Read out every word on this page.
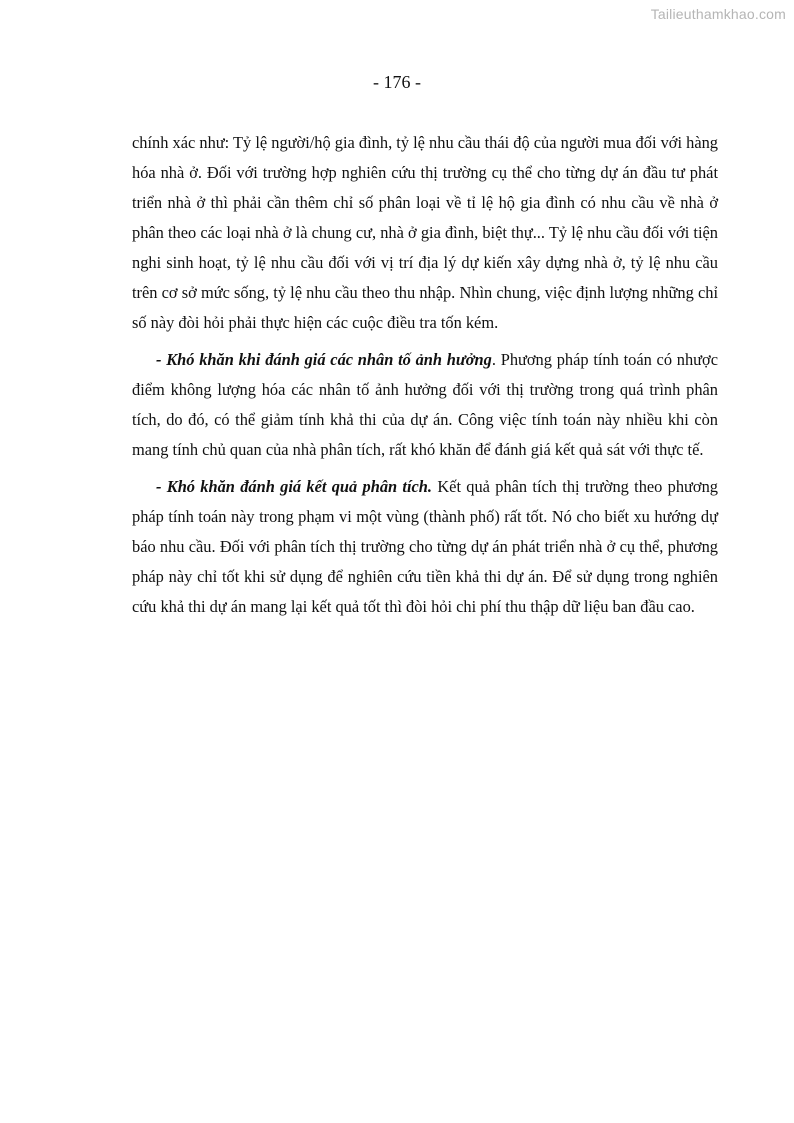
Tailieuthamkhao.com
- 176 -

chính xác như: Tỷ lệ người/hộ gia đình, tỷ lệ nhu cầu thái độ của người mua đối với hàng hóa nhà ở. Đối với trường hợp nghiên cứu thị trường cụ thể cho từng dự án đầu tư phát triển nhà ở thì phải cần thêm chỉ số phân loại về tỉ lệ hộ gia đình có nhu cầu về nhà ở phân theo các loại nhà ở là chung cư, nhà ở gia đình, biệt thự... Tỷ lệ nhu cầu đối với tiện nghi sinh hoạt, tỷ lệ nhu cầu đối với vị trí địa lý dự kiến xây dựng nhà ở, tỷ lệ nhu cầu trên cơ sở mức sống, tỷ lệ nhu cầu theo thu nhập. Nhìn chung, việc định lượng những chỉ số này đòi hỏi phải thực hiện các cuộc điều tra tốn kém.

- Khó khăn khi đánh giá các nhân tố ảnh hưởng. Phương pháp tính toán có nhược điểm không lượng hóa các nhân tố ảnh hưởng đối với thị trường trong quá trình phân tích, do đó, có thể giảm tính khả thi của dự án. Công việc tính toán này nhiều khi còn mang tính chủ quan của nhà phân tích, rất khó khăn để đánh giá kết quả sát với thực tế.

- Khó khăn đánh giá kết quả phân tích. Kết quả phân tích thị trường theo phương pháp tính toán này trong phạm vi một vùng (thành phố) rất tốt. Nó cho biết xu hướng dự báo nhu cầu. Đối với phân tích thị trường cho từng dự án phát triển nhà ở cụ thể, phương pháp này chỉ tốt khi sử dụng để nghiên cứu tiền khả thi dự án. Để sử dụng trong nghiên cứu khả thi dự án mang lại kết quả tốt thì đòi hỏi chi phí thu thập dữ liệu ban đầu cao.
